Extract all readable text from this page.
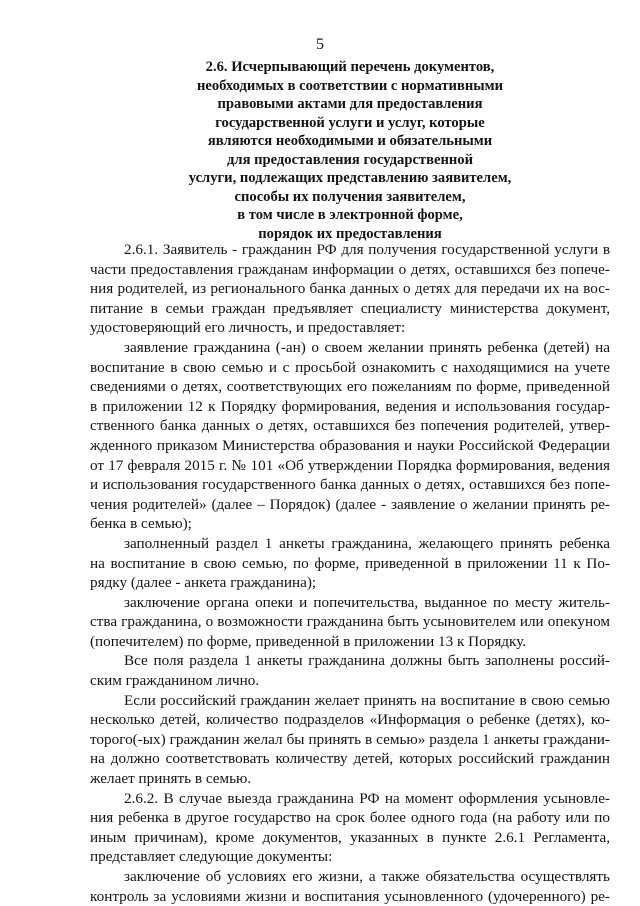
5
2.6. Исчерпывающий перечень документов,
необходимых в соответствии с нормативными
правовыми актами для предоставления
государственной услуги и услуг, которые
являются необходимыми и обязательными
для предоставления государственной
услуги, подлежащих представлению заявителем,
способы их получения заявителем,
в том числе в электронной форме,
порядок их предоставления
2.6.1. Заявитель - гражданин РФ для получения государственной услуги в
части предоставления гражданам информации о детях, оставшихся без попече-
ния родителей, из регионального банка данных о детях для передачи их на вос-
питание в семьи граждан предъявляет специалисту министерства документ,
удостоверяющий его личность, и предоставляет:
заявление гражданина (-ан) о своем желании принять ребенка (детей) на
воспитание в свою семью и с просьбой ознакомить с находящимися на учете
сведениями о детях, соответствующих его пожеланиям по форме, приведенной
в приложении 12 к Порядку формирования, ведения и использования государ-
ственного банка данных о детях, оставшихся без попечения родителей, утвер-
жденного приказом Министерства образования и науки Российской Федерации
от 17 февраля 2015 г. № 101 «Об утверждении Порядка формирования, ведения
и использования государственного банка данных о детях, оставшихся без попе-
чения родителей» (далее – Порядок) (далее - заявление о желании принять ре-
бенка в семью);
заполненный раздел 1 анкеты гражданина, желающего принять ребенка
на воспитание в свою семью, по форме, приведенной в приложении 11 к По-
рядку (далее - анкета гражданина);
заключение органа опеки и попечительства, выданное по месту житель-
ства гражданина, о возможности гражданина быть усыновителем или опекуном
(попечителем) по форме, приведенной в приложении 13 к Порядку.
Все поля раздела 1 анкеты гражданина должны быть заполнены россий-
ским гражданином лично.
Если российский гражданин желает принять на воспитание в свою семью
несколько детей, количество подразделов «Информация о ребенке (детях), ко-
торого(-ых) гражданин желал бы принять в семью» раздела 1 анкеты граждани-
на должно соответствовать количеству детей, которых российский гражданин
желает принять в семью.
2.6.2. В случае выезда гражданина РФ на момент оформления усыновле-
ния ребенка в другое государство на срок более одного года (на работу или по
иным причинам), кроме документов, указанных в пункте 2.6.1 Регламента,
представляет следующие документы:
заключение об условиях его жизни, а также обязательства осуществлять
контроль за условиями жизни и воспитания усыновленного (удочеренного) ре-
